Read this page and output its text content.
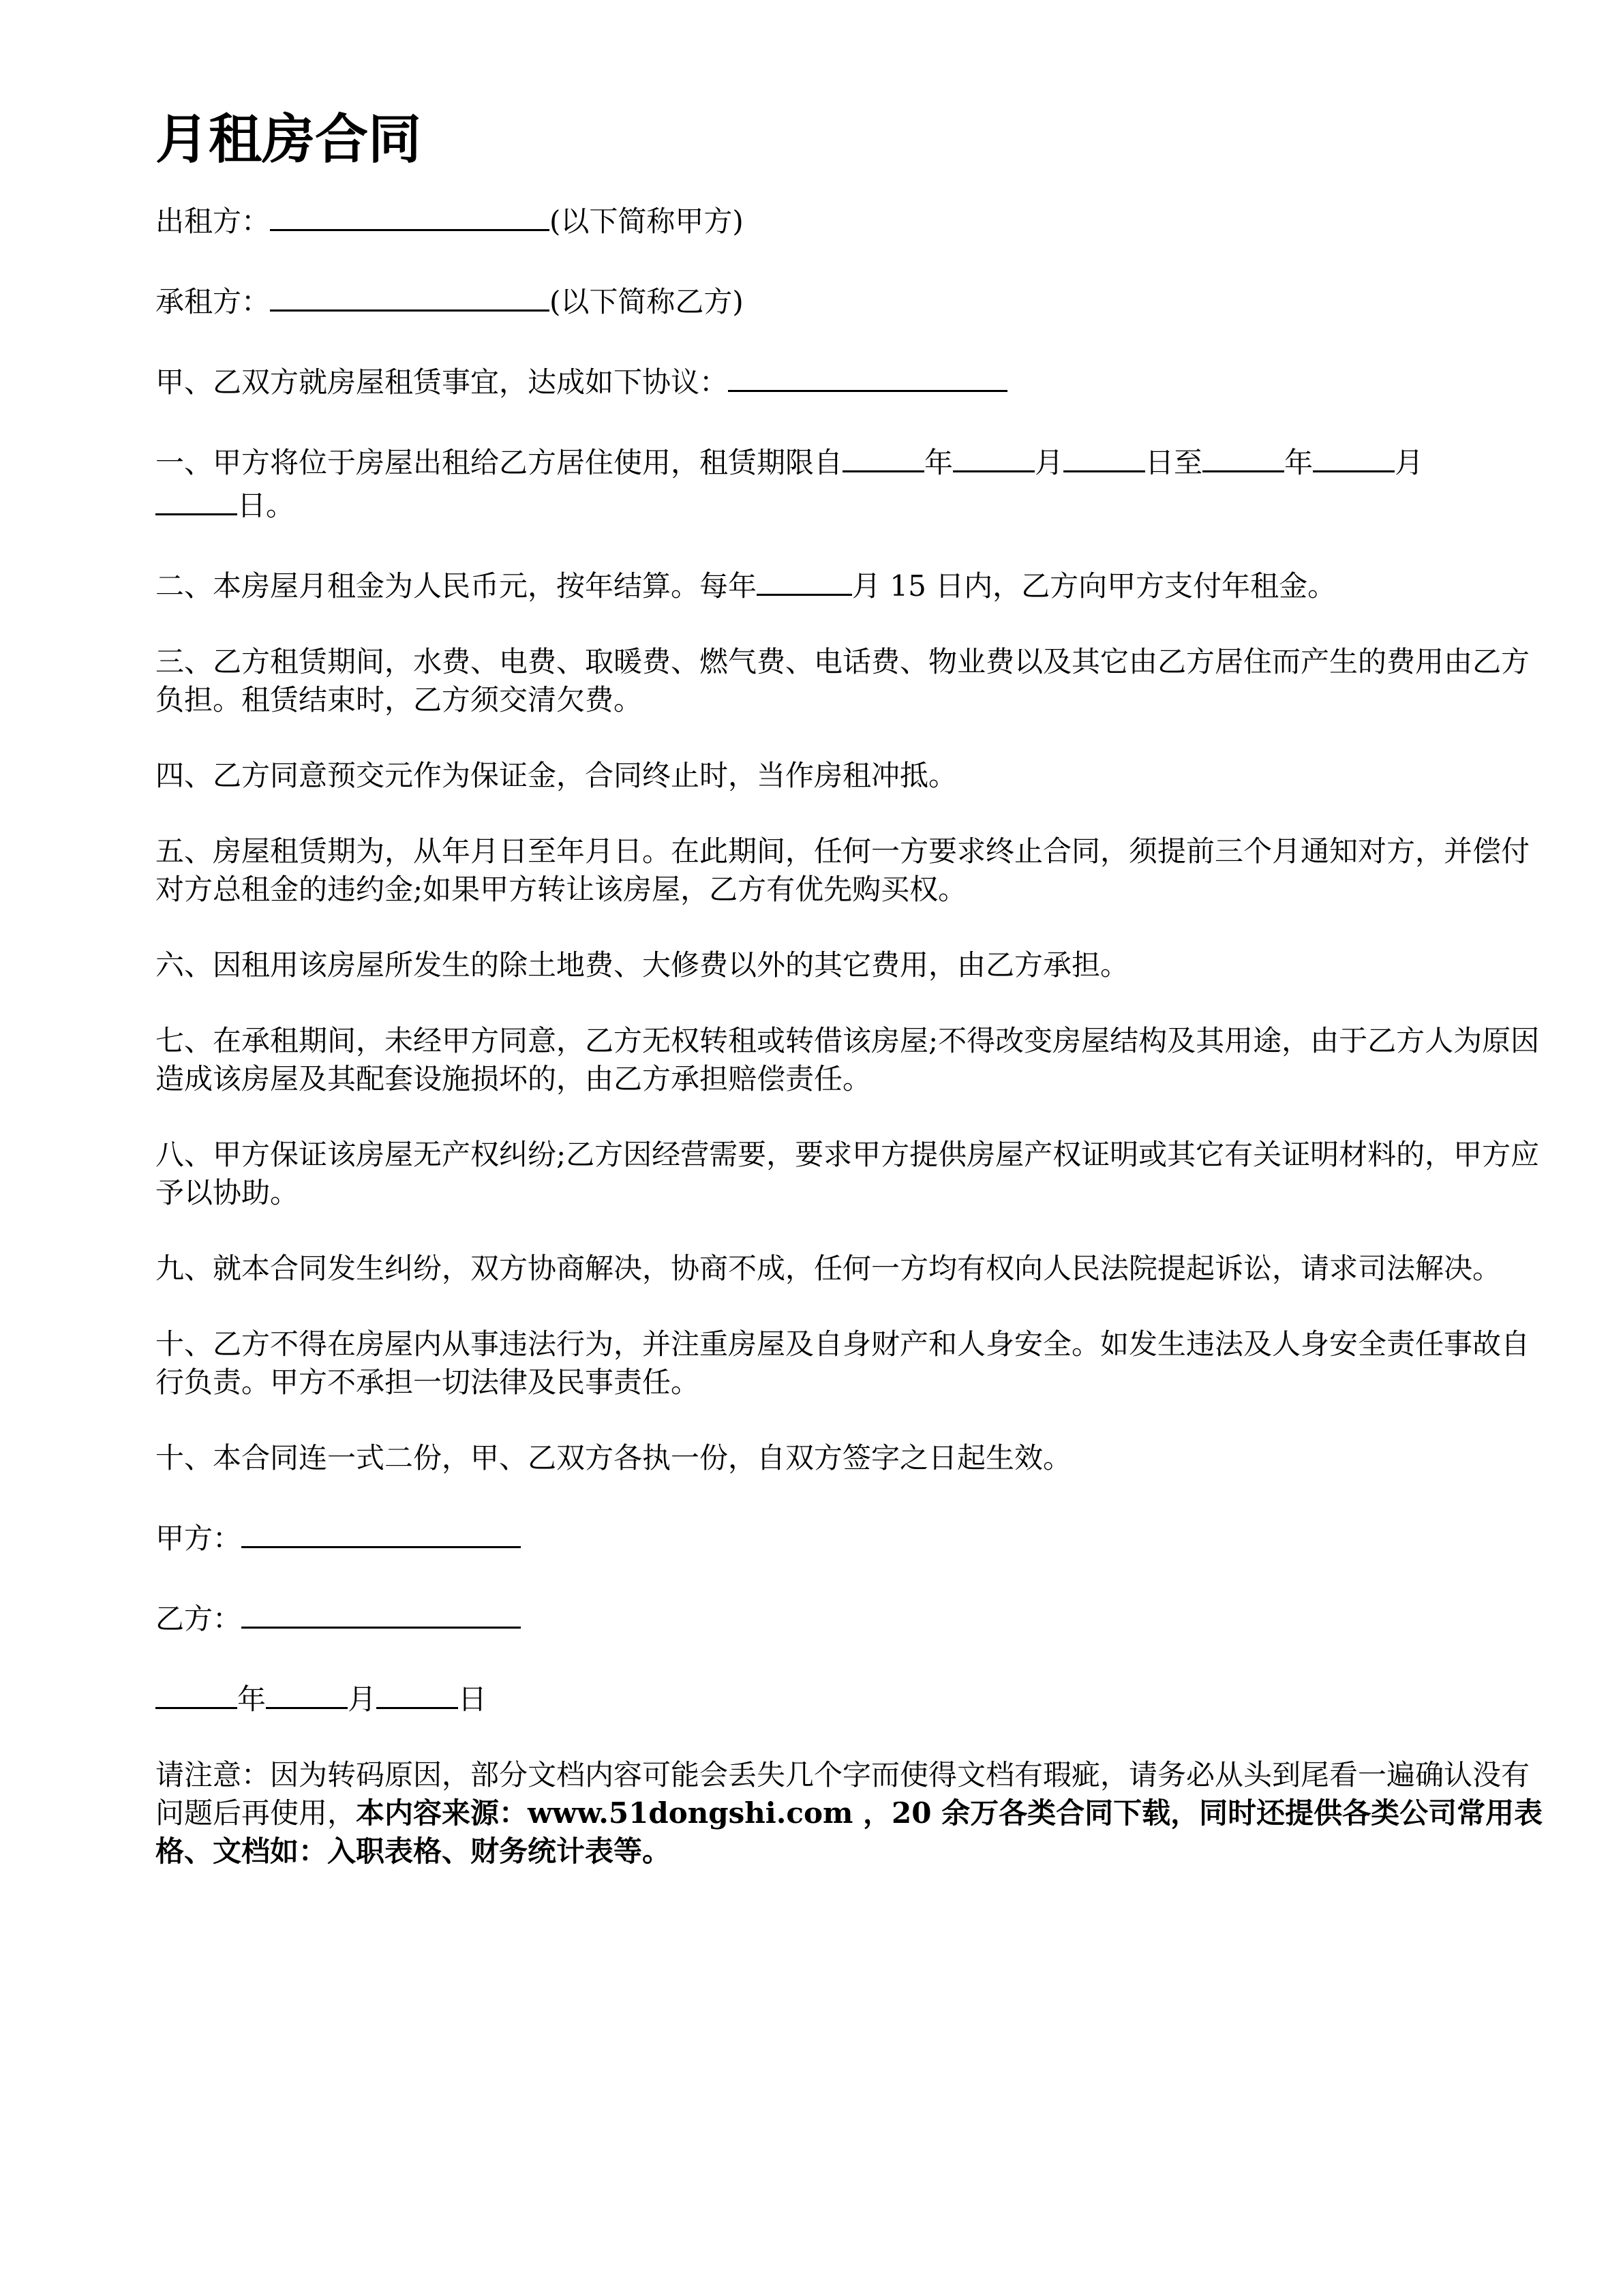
月租房合同

出租方：	(以下简称甲方)

承租方：	(以下简称乙方)

甲、乙双方就房屋租赁事宜，达成如下协议：

一、甲方将位于房屋出租给乙方居住使用，租赁期限自	年	月	日至	年	月
日。

二、本房屋月租金为人民币元，按年结算。每年	月 15 日内，乙方向甲方支付年租金。

三、乙方租赁期间，水费、电费、取暖费、燃气费、电话费、物业费以及其它由乙方居住而产生的费用由乙方负担。租赁结束时，乙方须交清欠费。

四、乙方同意预交元作为保证金，合同终止时，当作房租冲抵。

五、房屋租赁期为，从年月日至年月日。在此期间，任何一方要求终止合同，须提前三个月通知对方，并偿付对方总租金的违约金;如果甲方转让该房屋，乙方有优先购买权。

六、因租用该房屋所发生的除土地费、大修费以外的其它费用，由乙方承担。

七、在承租期间，未经甲方同意，乙方无权转租或转借该房屋;不得改变房屋结构及其用途，由于乙方人为原因造成该房屋及其配套设施损坏的，由乙方承担赔偿责任。

八、甲方保证该房屋无产权纠纷;乙方因经营需要，要求甲方提供房屋产权证明或其它有关证明材料的，甲方应予以协助。

九、就本合同发生纠纷，双方协商解决，协商不成，任何一方均有权向人民法院提起诉讼，请求司法解决。

十、乙方不得在房屋内从事违法行为，并注重房屋及自身财产和人身安全。如发生违法及人身安全责任事故自行负责。甲方不承担一切法律及民事责任。

十、本合同连一式二份，甲、乙双方各执一份，自双方签字之日起生效。

甲方：

乙方：

年	月	日

请注意：因为转码原因，部分文档内容可能会丢失几个字而使得文档有瑕疵，请务必从头到尾看一遍确认没有问题后再使用，本内容来源：www.51dongshi.com ，20 余万各类合同下载，同时还提供各类公司常用表格、文档如：入职表格、财务统计表等。
